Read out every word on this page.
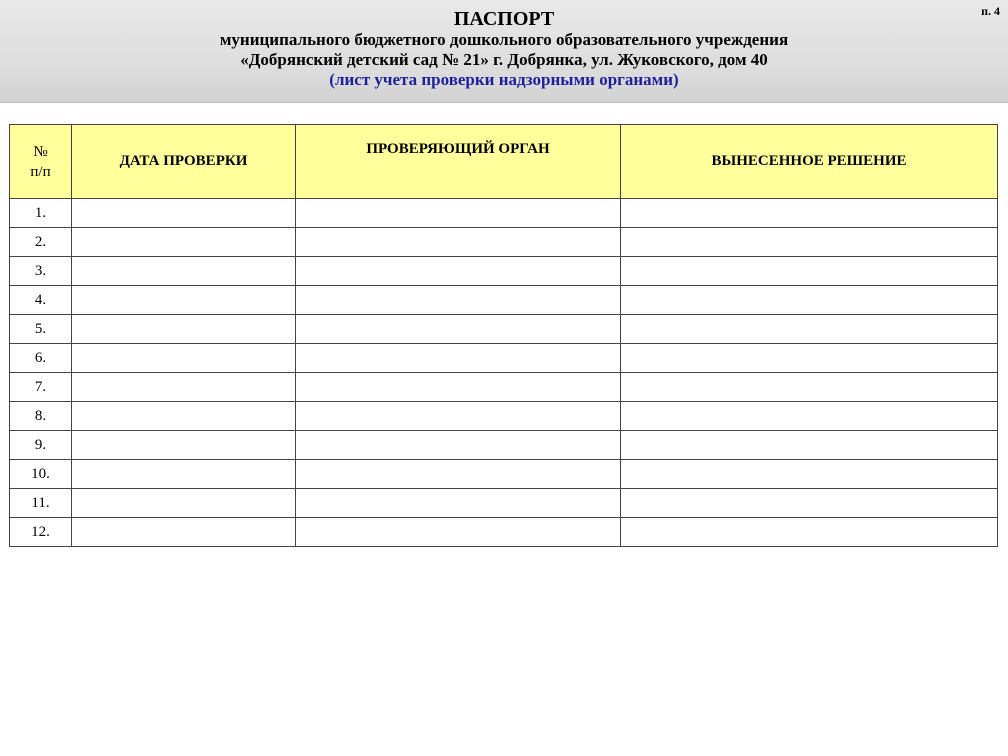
п. 4
ПАСПОРТ
муниципального бюджетного дошкольного образовательного учреждения
«Добрянский детский сад № 21» г. Добрянка, ул. Жуковского, дом 40
(лист учета проверки надзорными органами)
№
п/п	ДАТА ПРОВЕРКИ	ПРОВЕРЯЮЩИЙ ОРГАН	ВЫНЕСЕННОЕ РЕШЕНИЕ
1.			
2.			
3.			
4.			
5.			
6.			
7.			
8.			
9.			
10.			
11.			
12.			
